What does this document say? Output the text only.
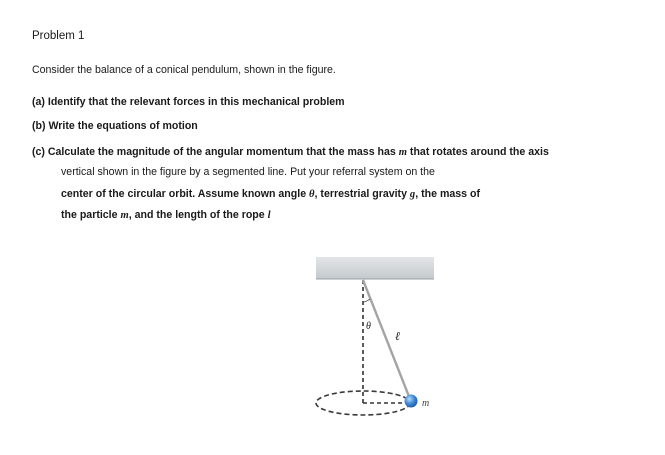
Problem 1
Consider the balance of a conical pendulum, shown in the figure.
(a) Identify that the relevant forces in this mechanical problem
(b) Write the equations of motion
(c) Calculate the magnitude of the angular momentum that the mass has m that rotates around the axis
vertical shown in the figure by a segmented line. Put your referral system on the
center of the circular orbit. Assume known angle θ, terrestrial gravity g, the mass of
the particle m, and the length of the rope l
θ
ℓ
m
